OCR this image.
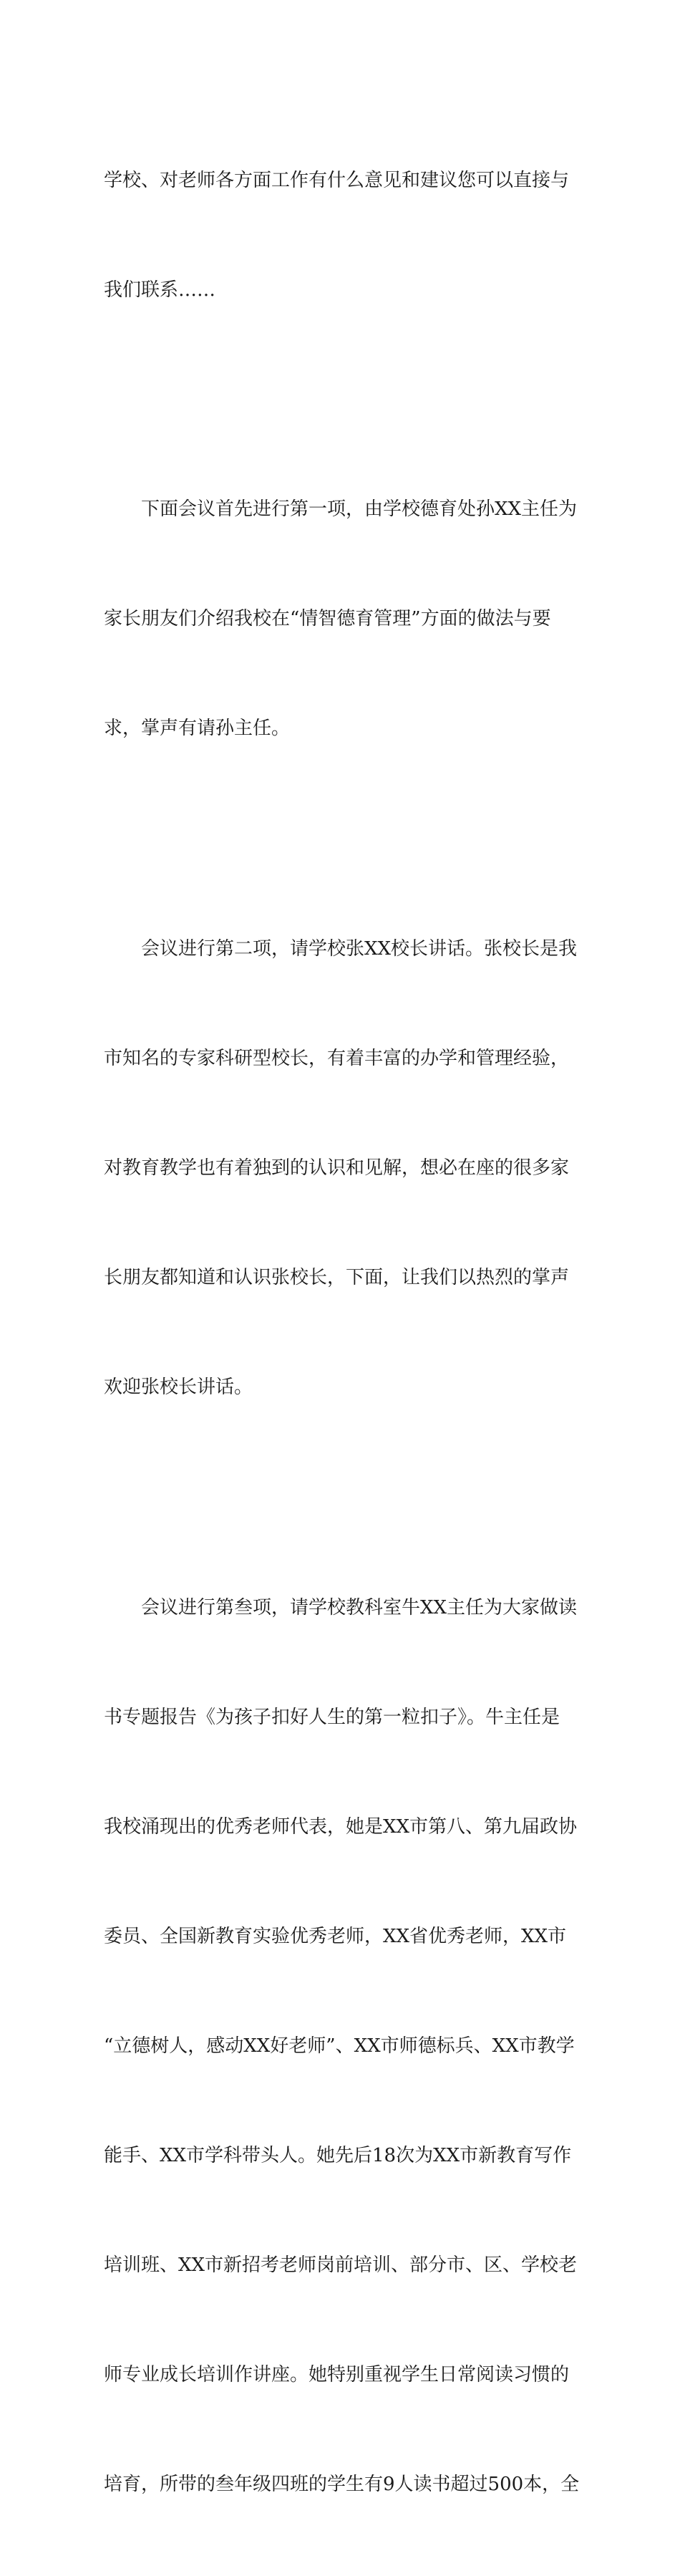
学校、对老师各方面工作有什么意见和建议您可以直接与

我们联系……

下面会议首先进行第一项，由学校德育处孙XX主任为

家长朋友们介绍我校在“情智德育管理”方面的做法与要

求，掌声有请孙主任。

会议进行第二项，请学校张XX校长讲话。张校长是我

市知名的专家科研型校长，有着丰富的办学和管理经验，

对教育教学也有着独到的认识和见解，想必在座的很多家

长朋友都知道和认识张校长，下面，让我们以热烈的掌声

欢迎张校长讲话。

会议进行第叁项，请学校教科室牛XX主任为大家做读

书专题报告《为孩子扣好人生的第一粒扣子》。牛主任是

我校涌现出的优秀老师代表，她是XX市第八、第九届政协

委员、全国新教育实验优秀老师，XX省优秀老师，XX市

“立德树人，感动XX好老师”、XX市师德标兵、XX市教学

能手、XX市学科带头人。她先后18次为XX市新教育写作

培训班、XX市新招考老师岗前培训、部分市、区、学校老

师专业成长培训作讲座。她特别重视学生日常阅读习惯的

培育，所带的叁年级四班的学生有9人读书超过500本，全
